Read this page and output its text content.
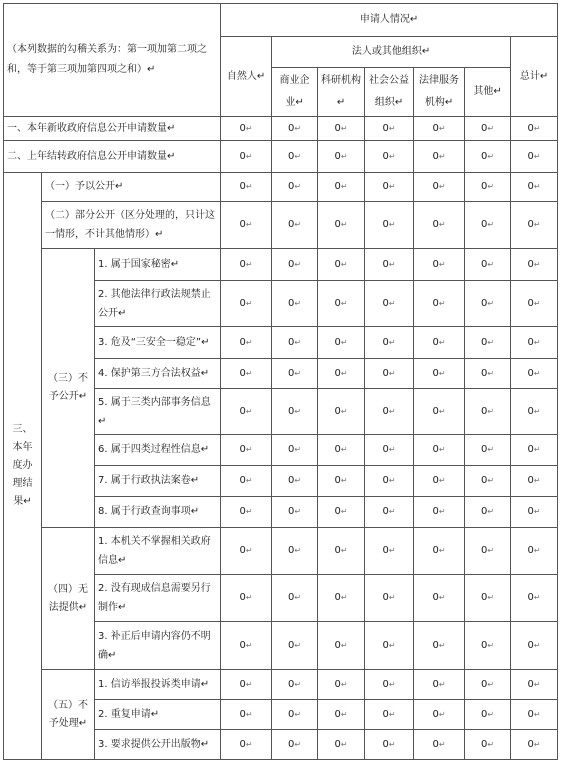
（本列数据的勾稽关系为：第一项加第二项之和，等于第三项加第四项之和）↵			申请人情况↵						
			自然人↵	法人或其他组织↵					总计↵
				商业企业↵	科研机构↵	社会公益组织↵	法律服务机构↵	其他↵	
一、本年新收政府信息公开申请数量↵			0↵	0↵	0↵	0↵	0↵	0↵	0↵
二、上年结转政府信息公开申请数量↵			0↵	0↵	0↵	0↵	0↵	0↵	0↵
三、本年度办理结果↵	（一）予以公开↵		0↵	0↵	0↵	0↵	0↵	0↵	0↵
	（二）部分公开（区分处理的，只计这一情形，不计其他情形）↵		0↵	0↵	0↵	0↵	0↵	0↵	0↵
	（三）不予公开↵	1. 属于国家秘密↵	0↵	0↵	0↵	0↵	0↵	0↵	0↵
		2. 其他法律行政法规禁止公开↵	0↵	0↵	0↵	0↵	0↵	0↵	0↵
		3. 危及“三安全一稳定”↵	0↵	0↵	0↵	0↵	0↵	0↵	0↵
		4. 保护第三方合法权益↵	0↵	0↵	0↵	0↵	0↵	0↵	0↵
		5. 属于三类内部事务信息↵	0↵	0↵	0↵	0↵	0↵	0↵	0↵
		6. 属于四类过程性信息↵	0↵	0↵	0↵	0↵	0↵	0↵	0↵
		7. 属于行政执法案卷↵	0↵	0↵	0↵	0↵	0↵	0↵	0↵
		8. 属于行政查询事项↵	0↵	0↵	0↵	0↵	0↵	0↵	0↵
	（四）无法提供↵	1. 本机关不掌握相关政府信息↵	0↵	0↵	0↵	0↵	0↵	0↵	0↵
		2. 没有现成信息需要另行制作↵	0↵	0↵	0↵	0↵	0↵	0↵	0↵
		3. 补正后申请内容仍不明确↵	0↵	0↵	0↵	0↵	0↵	0↵	0↵
	（五）不予处理↵	1. 信访举报投诉类申请↵	0↵	0↵	0↵	0↵	0↵	0↵	0↵
		2. 重复申请↵	0↵	0↵	0↵	0↵	0↵	0↵	0↵
		3. 要求提供公开出版物↵	0↵	0↵	0↵	0↵	0↵	0↵	0↵
